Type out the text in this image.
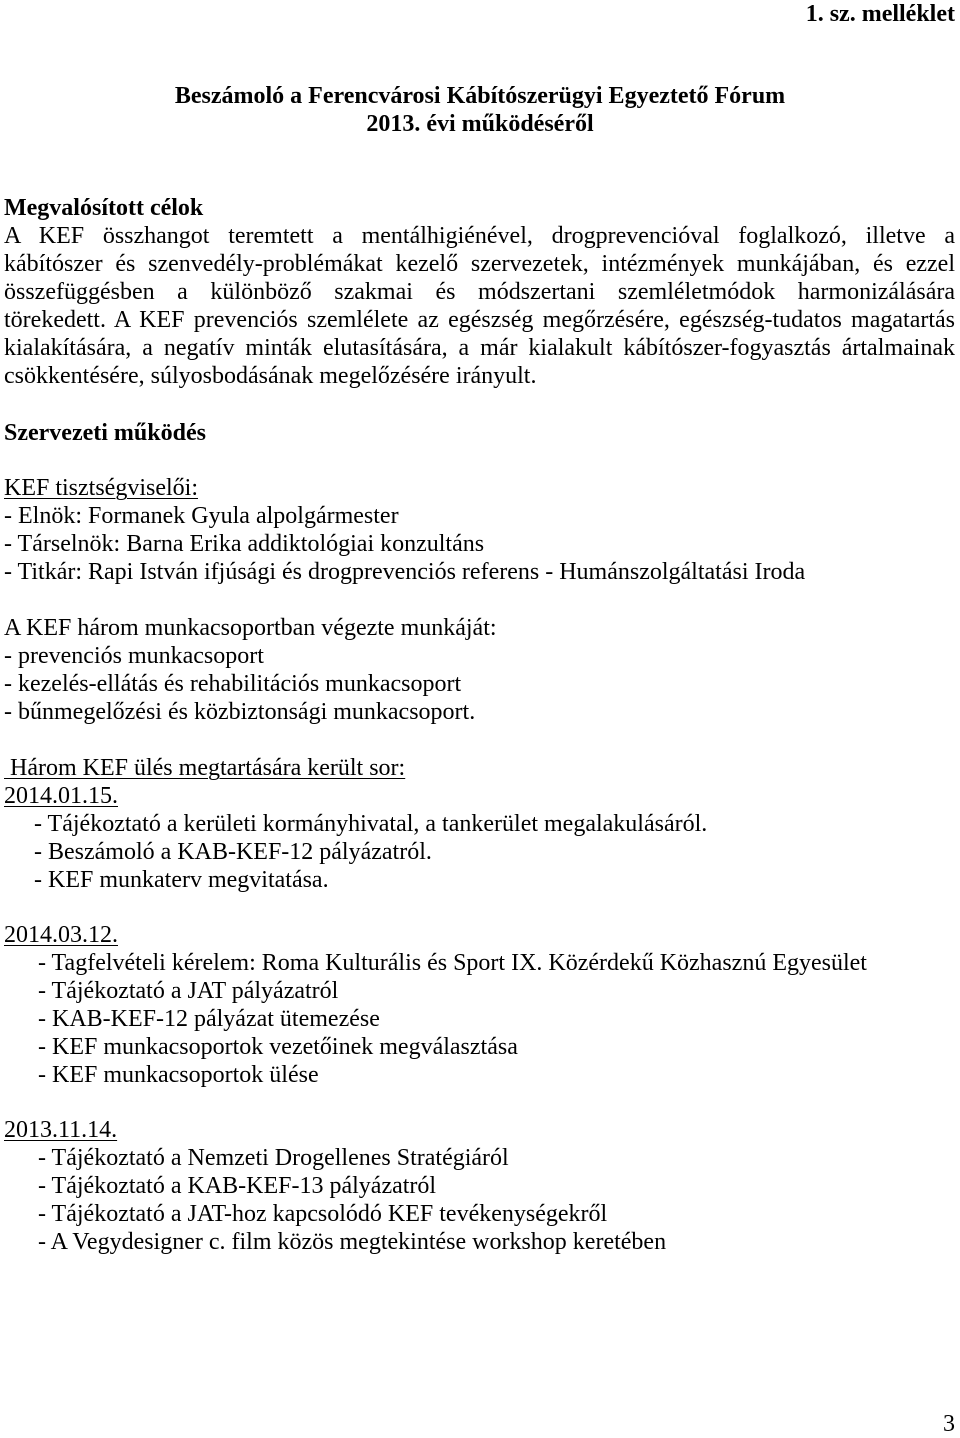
1. sz. melléklet
Beszámoló a Ferencvárosi Kábítószerügyi Egyeztető Fórum
2013. évi működéséről
Megvalósított célok
A KEF összhangot teremtett a mentálhigiénével, drogprevencióval foglalkozó, illetve a
kábítószer és szenvedély-problémákat kezelő szervezetek, intézmények munkájában, és ezzel
összefüggésben a különböző szakmai és módszertani szemléletmódok harmonizálására
törekedett. A KEF prevenciós szemlélete az egészség megőrzésére, egészség-tudatos magatartás
kialakítására, a negatív minták elutasítására, a már kialakult kábítószer-fogyasztás ártalmainak
csökkentésére, súlyosbodásának megelőzésére irányult.
Szervezeti működés
KEF tisztségviselői:
- Elnök: Formanek Gyula alpolgármester
- Társelnök: Barna Erika addiktológiai konzultáns
- Titkár: Rapi István ifjúsági és drogprevenciós referens - Humánszolgáltatási Iroda
A KEF három munkacsoportban végezte munkáját:
- prevenciós munkacsoport
- kezelés-ellátás és rehabilitációs munkacsoport
- bűnmegelőzési és közbiztonsági munkacsoport.
Három KEF ülés megtartására került sor:
2014.01.15.
- Tájékoztató a kerületi kormányhivatal, a tankerület megalakulásáról.
- Beszámoló a KAB-KEF-12 pályázatról.
- KEF munkaterv megvitatása.
2014.03.12.
- Tagfelvételi kérelem: Roma Kulturális és Sport IX. Közérdekű Közhasznú Egyesület
- Tájékoztató a JAT pályázatról
- KAB-KEF-12 pályázat ütemezése
- KEF munkacsoportok vezetőinek megválasztása
- KEF munkacsoportok ülése
2013.11.14.
- Tájékoztató a Nemzeti Drogellenes Stratégiáról
- Tájékoztató a KAB-KEF-13 pályázatról
- Tájékoztató a JAT-hoz kapcsolódó KEF tevékenységekről
- A Vegydesigner c. film közös megtekintése workshop keretében
3
